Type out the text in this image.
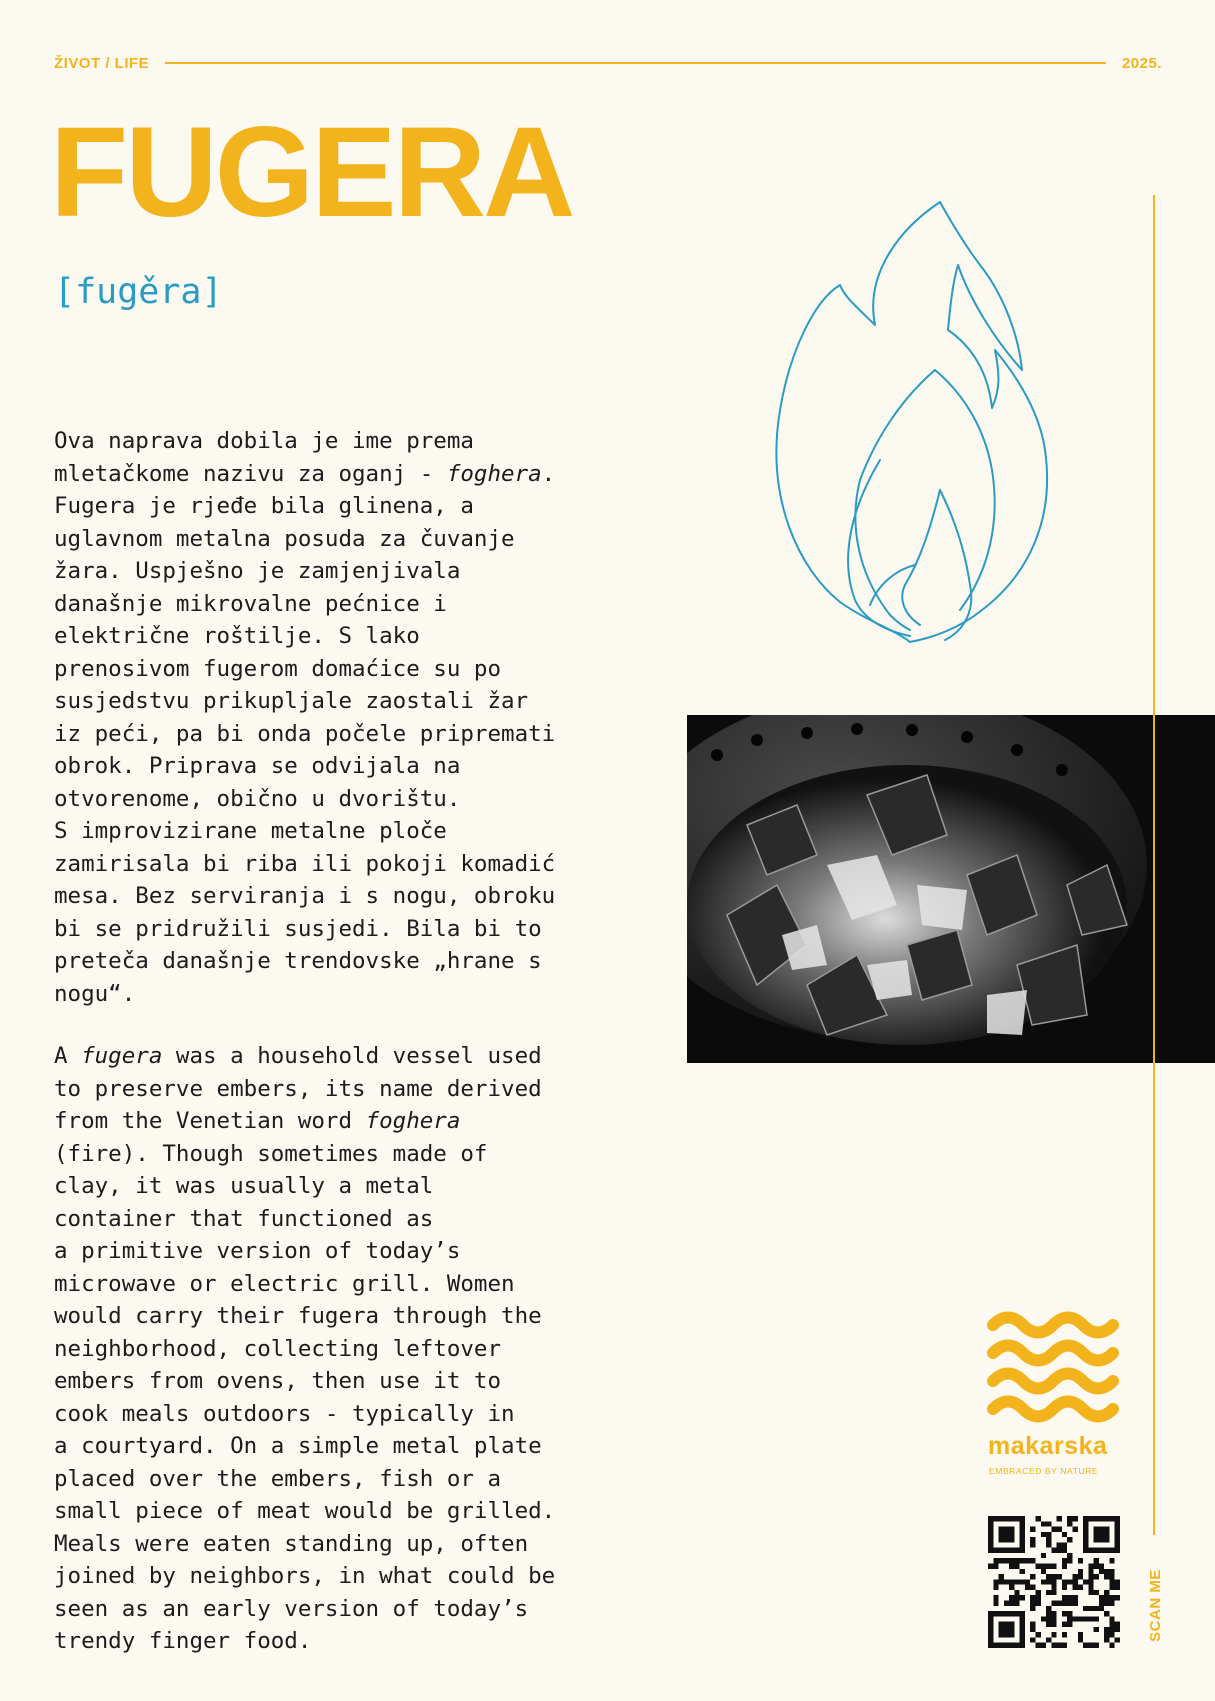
ŽIVOT / LIFE	2025.
FUGERA
[fugěra]
Ova naprava dobila je ime prema
mletačkome nazivu za oganj - foghera.
Fugera je rjeđe bila glinena, a
uglavnom metalna posuda za čuvanje
žara. Uspješno je zamjenjivala
današnje mikrovalne pećnice i
električne roštilje. S lako
prenosivom fugerom domaćice su po
susjedstvu prikupljale zaostali žar
iz peći, pa bi onda počele pripremati
obrok. Priprava se odvijala na
otvorenome, obično u dvorištu.
S improvizirane metalne ploče
zamirisala bi riba ili pokoji komadić
mesa. Bez serviranja i s nogu, obroku
bi se pridružili susjedi. Bila bi to
preteča današnje trendovske „hrane s
nogu“.
A fugera was a household vessel used
to preserve embers, its name derived
from the Venetian word foghera
(fire). Though sometimes made of
clay, it was usually a metal
container that functioned as
a primitive version of today’s
microwave or electric grill. Women
would carry their fugera through the
neighborhood, collecting leftover
embers from ovens, then use it to
cook meals outdoors - typically in
a courtyard. On a simple metal plate
placed over the embers, fish or a
small piece of meat would be grilled.
Meals were eaten standing up, often
joined by neighbors, in what could be
seen as an early version of today’s
trendy finger food.
makarska
EMBRACED BY NATURE
SCAN ME
